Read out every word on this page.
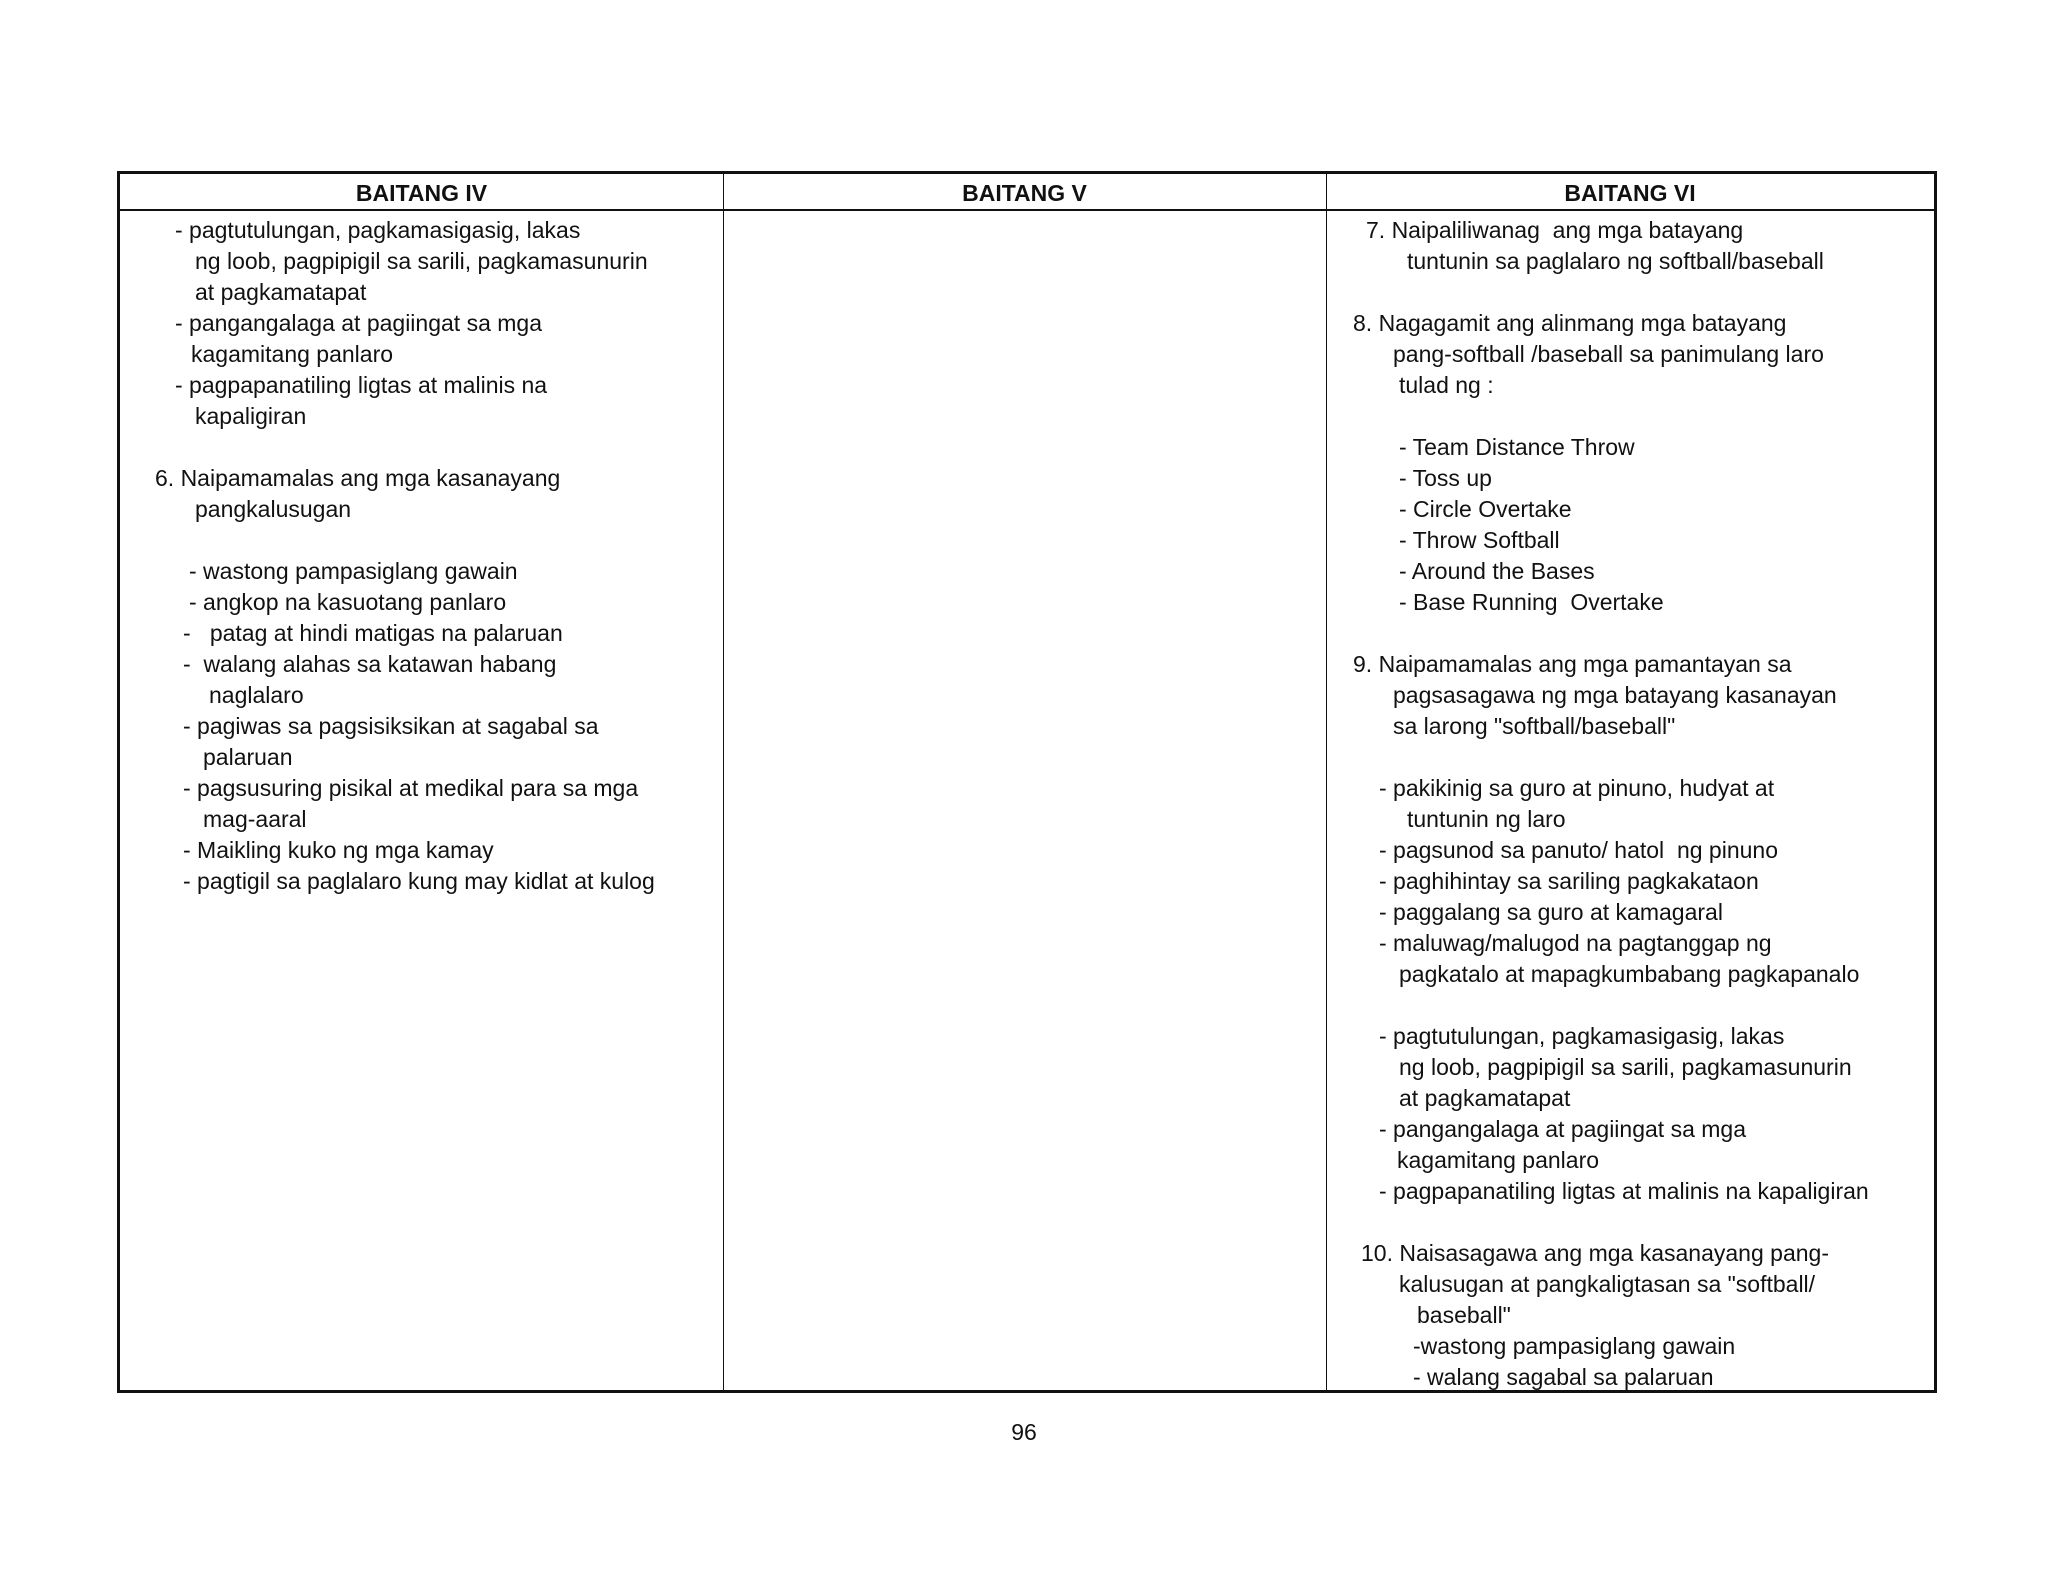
BAITANG IV	BAITANG V	BAITANG VI
- pagtutulungan, pagkamasigasig, lakas
ng loob, pagpipigil sa sarili, pagkamasunurin
at pagkamatapat
- pangangalaga at pagiingat sa mga
kagamitang panlaro
- pagpapanatiling ligtas at malinis na
kapaligiran
6. Naipamamalas ang mga kasanayang
pangkalusugan
- wastong pampasiglang gawain
- angkop na kasuotang panlaro
-   patag at hindi matigas na palaruan
-  walang alahas sa katawan habang
naglalaro
- pagiwas sa pagsisiksikan at sagabal sa
palaruan
- pagsusuring pisikal at medikal para sa mga
mag-aaral
- Maikling kuko ng mga kamay
- pagtigil sa paglalaro kung may kidlat at kulog
7. Naipaliliwanag  ang mga batayang
tuntunin sa paglalaro ng softball/baseball
8. Nagagamit ang alinmang mga batayang
pang-softball /baseball sa panimulang laro
tulad ng :
- Team Distance Throw
- Toss up
- Circle Overtake
- Throw Softball
- Around the Bases
- Base Running  Overtake
9. Naipamamalas ang mga pamantayan sa
pagsasagawa ng mga batayang kasanayan
sa larong "softball/baseball"
- pakikinig sa guro at pinuno, hudyat at
tuntunin ng laro
- pagsunod sa panuto/ hatol  ng pinuno
- paghihintay sa sariling pagkakataon
- paggalang sa guro at kamagaral
- maluwag/malugod na pagtanggap ng
pagkatalo at mapagkumbabang pagkapanalo
- pagtutulungan, pagkamasigasig, lakas
ng loob, pagpipigil sa sarili, pagkamasunurin
at pagkamatapat
- pangangalaga at pagiingat sa mga
kagamitang panlaro
- pagpapanatiling ligtas at malinis na kapaligiran
10. Naisasagawa ang mga kasanayang pang-
kalusugan at pangkaligtasan sa "softball/
baseball"
-wastong pampasiglang gawain
- walang sagabal sa palaruan
96
